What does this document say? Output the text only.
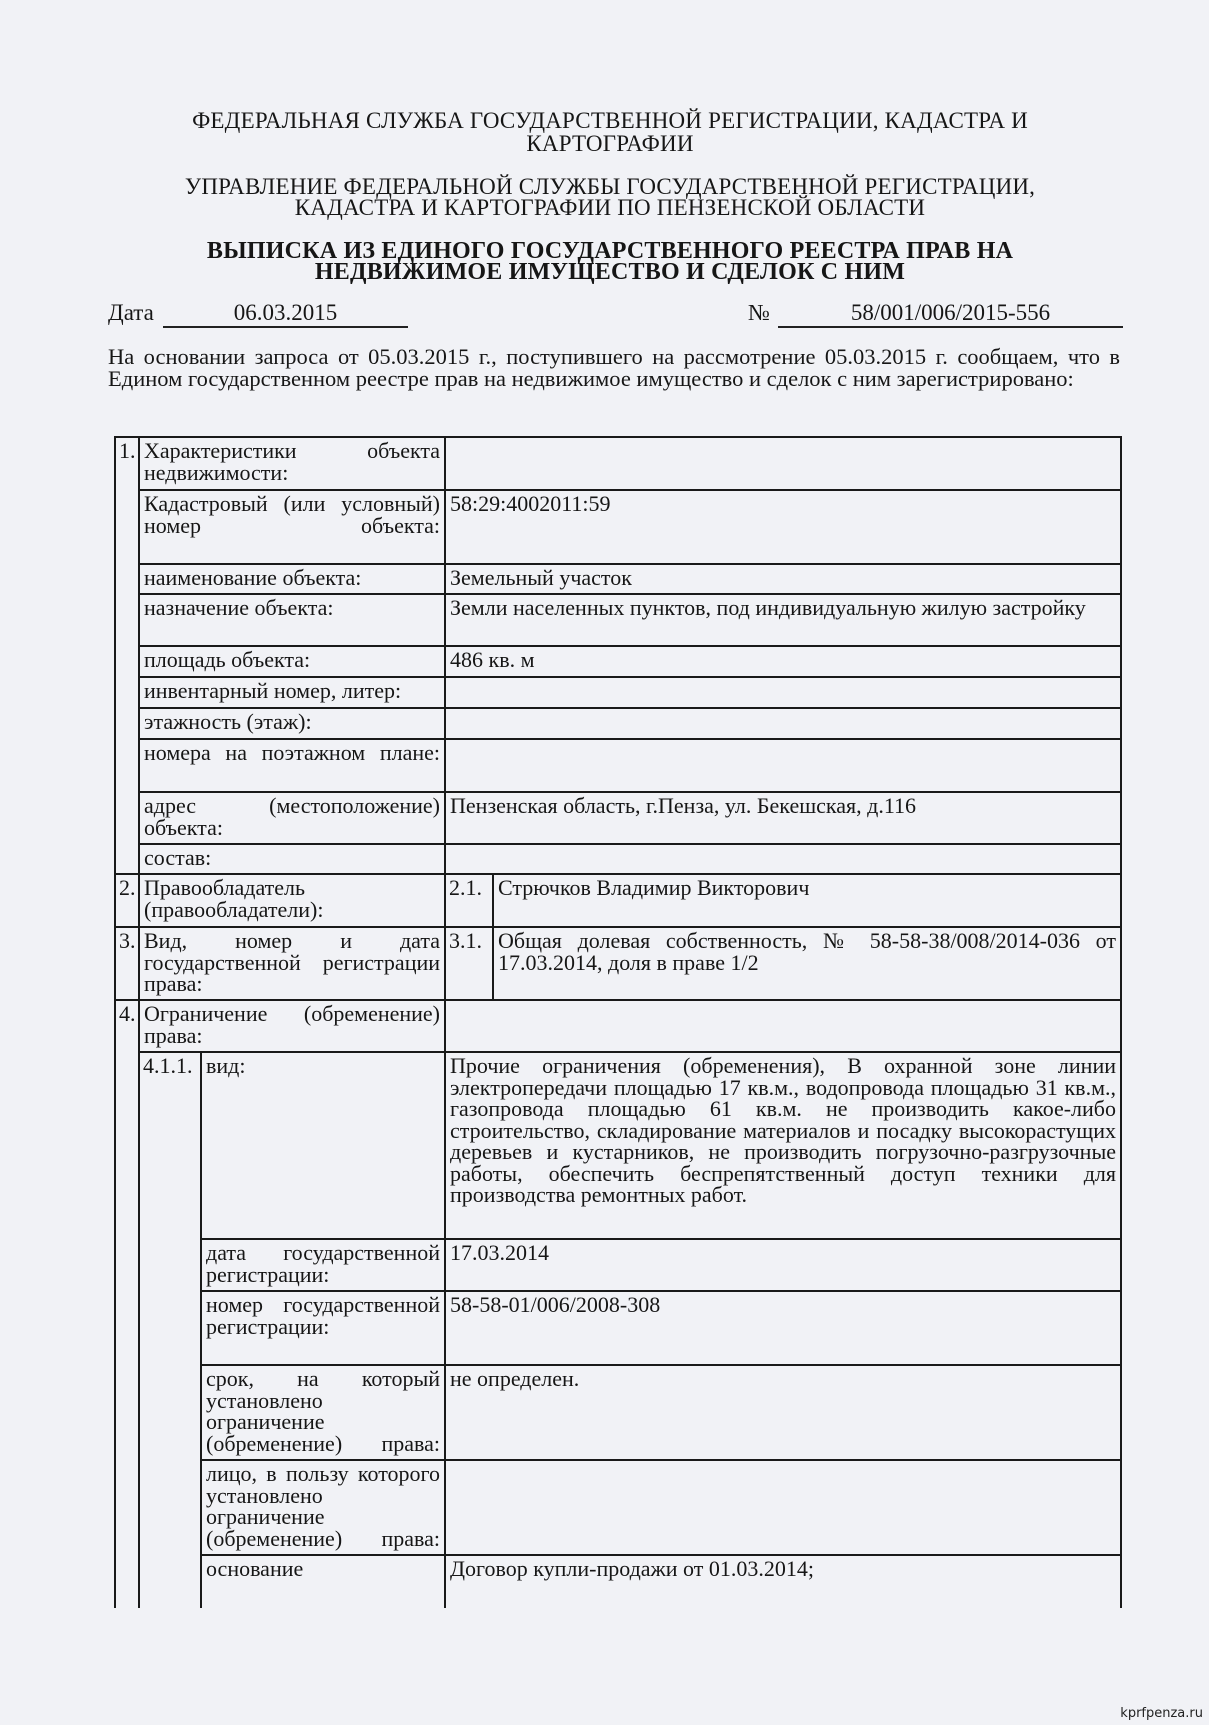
ФЕДЕРАЛЬНАЯ СЛУЖБА ГОСУДАРСТВЕННОЙ РЕГИСТРАЦИИ, КАДАСТРА И
КАРТОГРАФИИ
УПРАВЛЕНИЕ ФЕДЕРАЛЬНОЙ СЛУЖБЫ ГОСУДАРСТВЕННОЙ РЕГИСТРАЦИИ,
КАДАСТРА И КАРТОГРАФИИ ПО ПЕНЗЕНСКОЙ ОБЛАСТИ
ВЫПИСКА ИЗ ЕДИНОГО ГОСУДАРСТВЕННОГО РЕЕСТРА ПРАВ НА
НЕДВИЖИМОЕ ИМУЩЕСТВО И СДЕЛОК С НИМ
Дата	06.03.2015	№	58/001/006/2015-556
На основании запроса от 05.03.2015 г., поступившего на рассмотрение 05.03.2015 г. сообщаем, что в Едином государственном реестре прав на недвижимое имущество и сделок с ним зарегистрировано:
1.	Характеристики объекта недвижимости:			
	Кадастровый (или условный) номер объекта:		58:29:4002011:59	
	наименование объекта:		Земельный участок	
	назначение объекта:		Земли населенных пунктов, под индивидуальную жилую застройку	
	площадь объекта:		486 кв. м	
	инвентарный номер, литер:			
	этажность (этаж):			
	номера на поэтажном плане:			
	адрес (местоположение) объекта:		Пензенская область, г.Пенза, ул. Бекешская, д.116	
	состав:			
2.	Правообладатель (правообладатели):		2.1.	Стрючков Владимир Викторович
3.	Вид, номер и дата государственной регистрации права:		3.1.	Общая долевая собственность, № 58-58-38/008/2014-036 от 17.03.2014, доля в праве 1/2
4.	Ограничение (обременение) права:			
	4.1.1.	вид:	Прочие ограничения (обременения), В охранной зоне линии электропередачи площадью 17 кв.м., водопровода площадью 31 кв.м., газопровода площадью 61 кв.м. не производить какое-либо строительство, складирование материалов и посадку высокорастущих деревьев и кустарников, не производить погрузочно-разгрузочные работы, обеспечить беспрепятственный доступ техники для производства ремонтных работ.	
		дата государственной регистрации:	17.03.2014	
		номер государственной регистрации:	58-58-01/006/2008-308	
		срок, на который установлено ограничение (обременение) права:	не определен.	
		лицо, в пользу которого установлено ограничение (обременение) права:		
		основание	Договор купли-продажи от 01.03.2014;	
kprfpenza.ru
